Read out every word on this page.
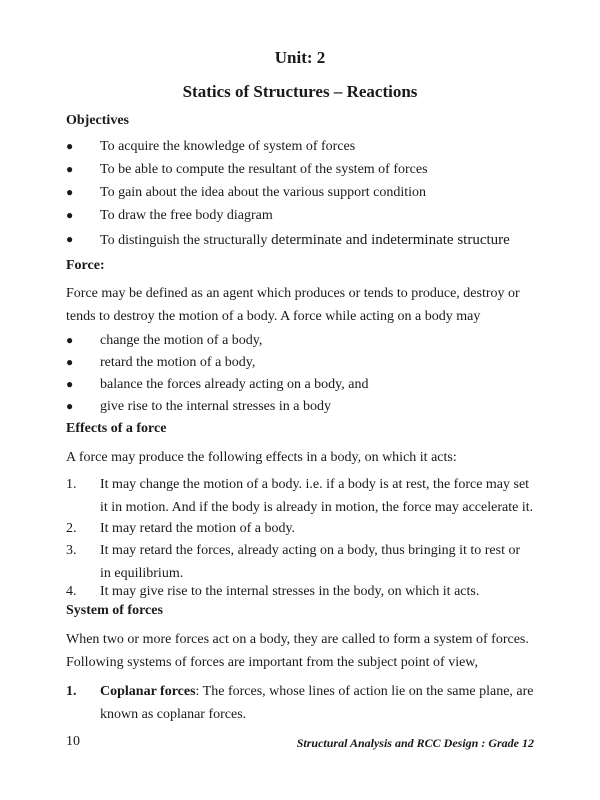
Unit: 2
Statics of Structures – Reactions
Objectives
● To acquire the knowledge of system of forces
● To be able to compute the resultant of the system of forces
● To gain about the idea about the various support condition
● To draw the free body diagram
● To distinguish the structurally determinate and indeterminate structure
Force:
Force may be defined as an agent which produces or tends to produce, destroy or
tends to destroy the motion of a body. A force while acting on a body may
● change the motion of a body,
● retard the motion of a body,
● balance the forces already acting on a body, and
● give rise to the internal stresses in a body
Effects of a force
A force may produce the following effects in a body, on which it acts:
1. It may change the motion of a body. i.e. if a body is at rest, the force may set
it in motion. And if the body is already in motion, the force may accelerate it.
2. It may retard the motion of a body.
3. It may retard the forces, already acting on a body, thus bringing it to rest or
in equilibrium.
4. It may give rise to the internal stresses in the body, on which it acts.
System of forces
When two or more forces act on a body, they are called to form a system of forces.
Following systems of forces are important from the subject point of view,
1. Coplanar forces: The forces, whose lines of action lie on the same plane, are
known as coplanar forces.
10	Structural Analysis and RCC Design : Grade 12
